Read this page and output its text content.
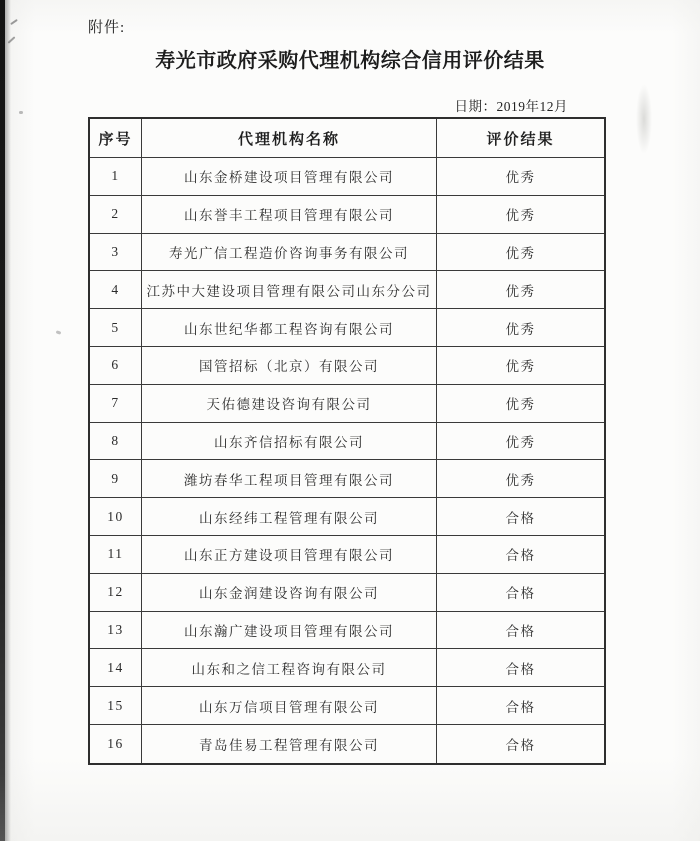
附件:
寿光市政府采购代理机构综合信用评价结果
日期：2019年12月
序号	代理机构名称	评价结果
1	山东金桥建设项目管理有限公司	优秀
2	山东誉丰工程项目管理有限公司	优秀
3	寿光广信工程造价咨询事务有限公司	优秀
4	江苏中大建设项目管理有限公司山东分公司	优秀
5	山东世纪华都工程咨询有限公司	优秀
6	国管招标（北京）有限公司	优秀
7	天佑德建设咨询有限公司	优秀
8	山东齐信招标有限公司	优秀
9	潍坊春华工程项目管理有限公司	优秀
10	山东经纬工程管理有限公司	合格
11	山东正方建设项目管理有限公司	合格
12	山东金润建设咨询有限公司	合格
13	山东瀚广建设项目管理有限公司	合格
14	山东和之信工程咨询有限公司	合格
15	山东万信项目管理有限公司	合格
16	青岛佳易工程管理有限公司	合格
